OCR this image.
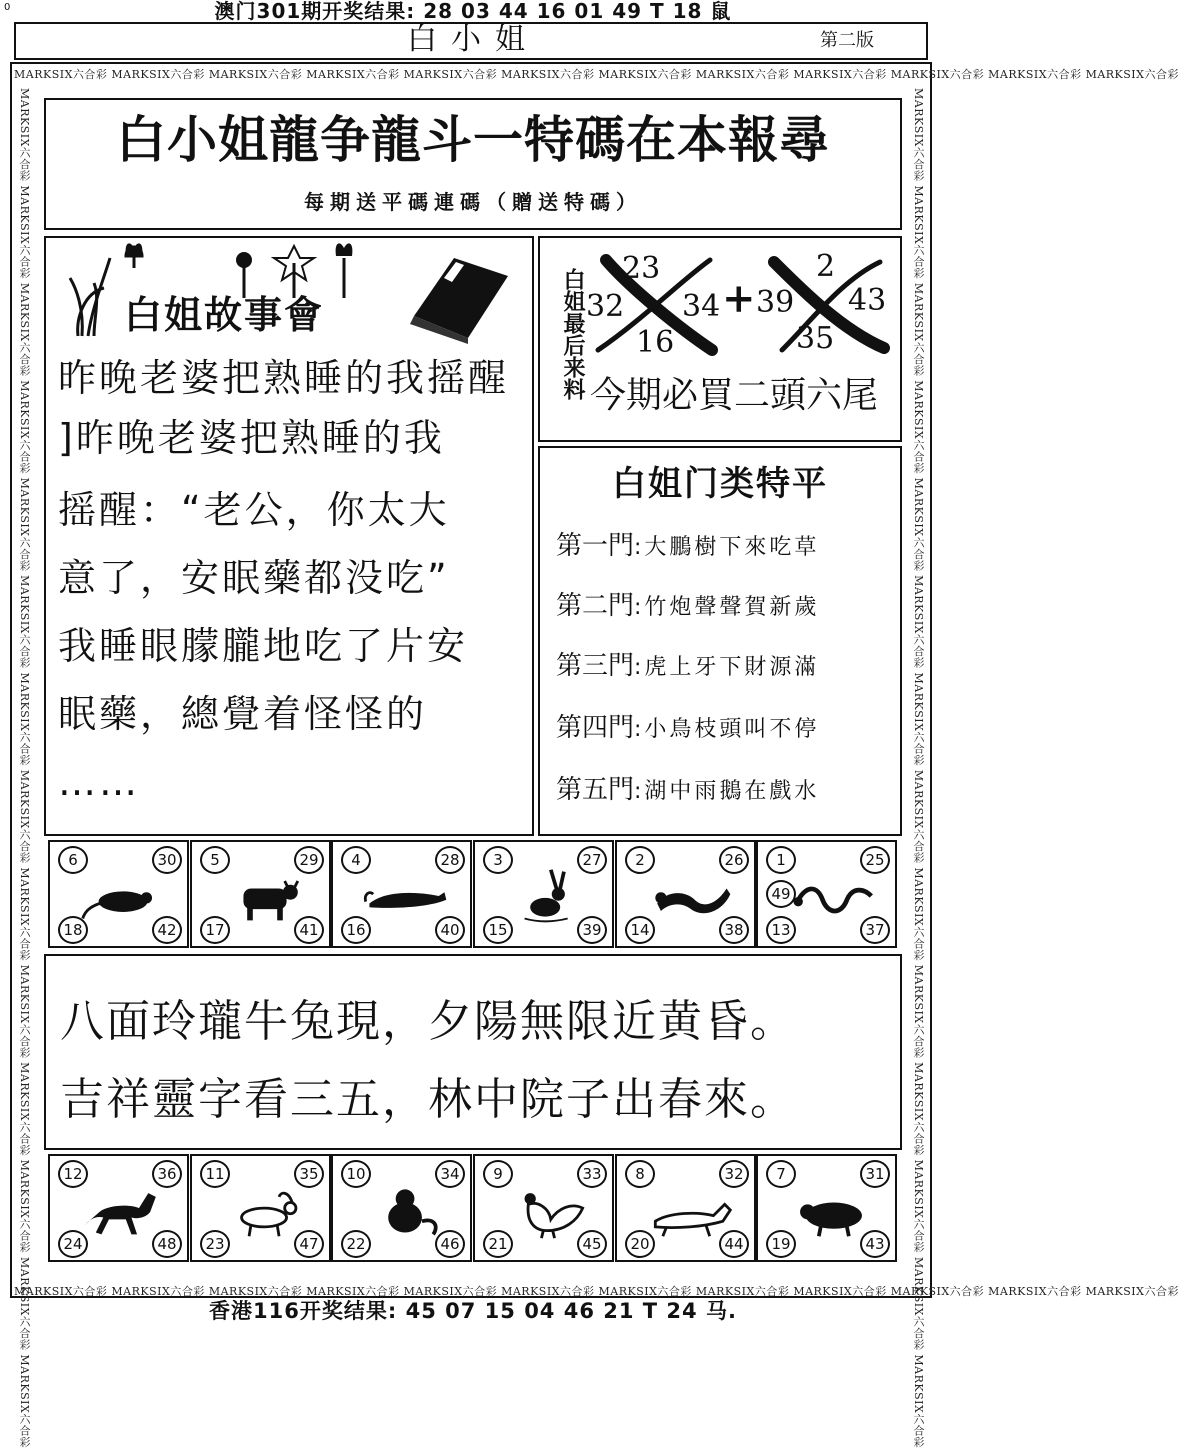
0	澳门301期开奖结果: 28 03 44 16 01 49 T 18 鼠
白小姐	第二版
MARKSIX六合彩 MARKSIX六合彩 MARKSIX六合彩 MARKSIX六合彩 MARKSIX六合彩 MARKSIX六合彩 MARKSIX六合彩 MARKSIX六合彩 MARKSIX六合彩 MARKSIX六合彩 MARKSIX六合彩 MARKSIX六合彩
MARKSIX六合彩 MARKSIX六合彩 MARKSIX六合彩 MARKSIX六合彩 MARKSIX六合彩 MARKSIX六合彩 MARKSIX六合彩 MARKSIX六合彩 MARKSIX六合彩 MARKSIX六合彩 MARKSIX六合彩 MARKSIX六合彩
MARKSIX六合彩 MARKSIX六合彩 MARKSIX六合彩 MARKSIX六合彩 MARKSIX六合彩 MARKSIX六合彩 MARKSIX六合彩 MARKSIX六合彩 MARKSIX六合彩 MARKSIX六合彩 MARKSIX六合彩 MARKSIX六合彩 MARKSIX六合彩 MARKSIX六合彩	MARKSIX六合彩 MARKSIX六合彩 MARKSIX六合彩 MARKSIX六合彩 MARKSIX六合彩 MARKSIX六合彩 MARKSIX六合彩 MARKSIX六合彩 MARKSIX六合彩 MARKSIX六合彩 MARKSIX六合彩 MARKSIX六合彩 MARKSIX六合彩 MARKSIX六合彩
白小姐龍争龍斗一特碼在本報尋
每期送平碼連碼（贈送特碼）
白姐故事會
昨晚老婆把熟睡的我摇醒
]昨晚老婆把熟睡的我
摇醒：“老公，你太大
意了，安眠藥都没吃”
我睡眼朦朧地吃了片安
眠藥，總覺着怪怪的
……
白姐最后来料 23
32 34
16
+
2
39 43
35
今期必買二頭六尾
白姐门类特平
第一門:大鵬樹下來吃草
第二門:竹炮聲聲賀新歲
第三門:虎上牙下財源滿
第四門:小鳥枝頭叫不停
第五門:湖中雨鵝在戲水
6	30
18	42
5	29
17	41
4	28
16	40
3	27
15	39
2	26
14	38
1	25
13	37
49
八面玲瓏牛兔現，夕陽無限近黄昏。
吉祥靈字看三五，林中院子出春來。
12	36
24	48
11	35
23	47
10	34
22	46
9	33
21	45
8	32
20	44
7	31
19	43
香港116开奖结果: 45 07 15 04 46 21 T 24 马.
